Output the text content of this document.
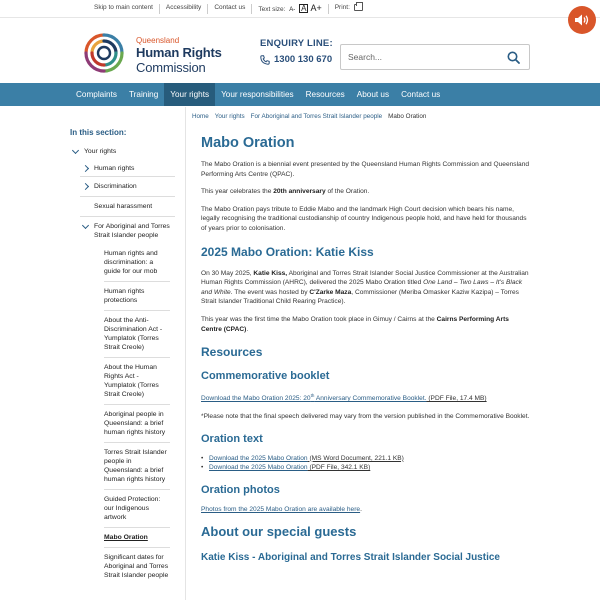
Skip to main content	Accessibility	Contact us	Text size: A- A A+	Print:
Queensland
Human Rights
Commission
ENQUIRY LINE:
1300 130 670
Search...
Complaints	Training	Your rights	Your responsibilities	Resources	About us	Contact us
In this section:
Your rights
Human rights
Discrimination
Sexual harassment
For Aboriginal and Torres Strait Islander people
Human rights and discrimination: a guide for our mob
Human rights protections
About the Anti-Discrimination Act - Yumplatok (Torres Strait Creole)
About the Human Rights Act - Yumplatok (Torres Strait Creole)
Aboriginal people in Queensland: a brief human rights history
Torres Strait Islander people in Queensland: a brief human rights history
Guided Protection: our Indigenous artwork
Mabo Oration
Significant dates for Aboriginal and Torres Strait Islander people
Home Your rights For Aboriginal and Torres Strait Islander people Mabo Oration
Mabo Oration

The Mabo Oration is a biennial event presented by the Queensland Human Rights Commission and Queensland Performing Arts Centre (QPAC).

This year celebrates the 20th anniversary of the Oration.

The Mabo Oration pays tribute to Eddie Mabo and the landmark High Court decision which bears his name, legally recognising the traditional custodianship of country Indigenous people hold, and have held for thousands of years prior to colonisation.

2025 Mabo Oration: Katie Kiss

On 30 May 2025, Katie Kiss, Aboriginal and Torres Strait Islander Social Justice Commissioner at the Australian Human Rights Commission (AHRC), delivered the 2025 Mabo Oration titled One Land – Two Laws – It's Black and White. The event was hosted by C'Zarke Maza, Commissioner (Meriba Omasker Kaziw Kazipa) – Torres Strait Islander Traditional Child Rearing Practice).

This year was the first time the Mabo Oration took place in Gimuy / Cairns at the Cairns Performing Arts Centre (CPAC).

Resources
Commemorative booklet

Download the Mabo Oration 2025: 20th Anniversary Commemorative Booklet. (PDF File, 17.4 MB)

*Please note that the final speech delivered may vary from the version published in the Commemorative Booklet.

Oration text
• Download the 2025 Mabo Oration (MS Word Document, 221.1 KB)
• Download the 2025 Mabo Oration (PDF File, 342.1 KB)
Oration photos

Photos from the 2025 Mabo Oration are available here.

About our special guests
Katie Kiss - Aboriginal and Torres Strait Islander Social Justice
